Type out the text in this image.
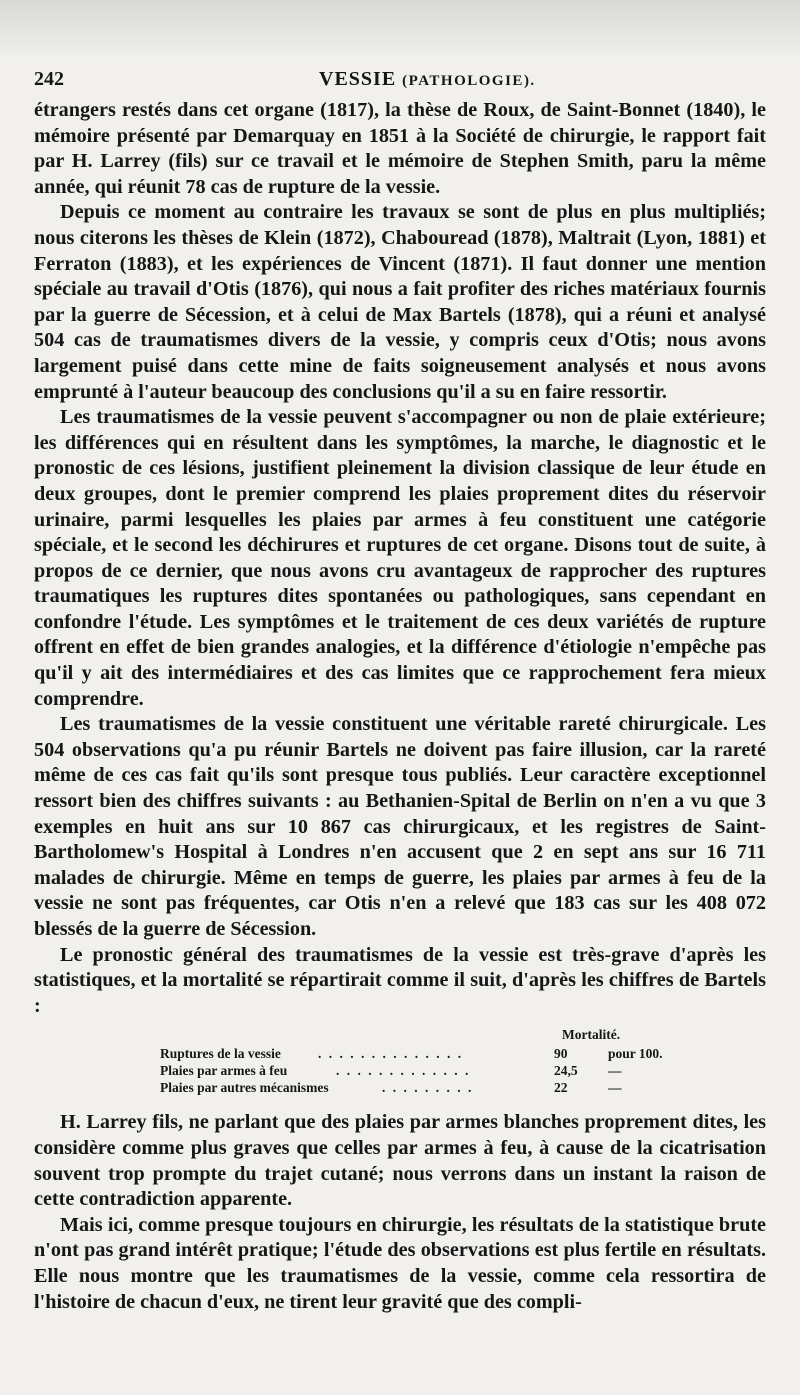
242	VESSIE (PATHOLOGIE).

étrangers restés dans cet organe (1817), la thèse de Roux, de Saint-Bonnet (1840), le mémoire présenté par Demarquay en 1851 à la Société de chirurgie, le rapport fait par H. Larrey (fils) sur ce travail et le mémoire de Stephen Smith, paru la même année, qui réunit 78 cas de rupture de la vessie.

Depuis ce moment au contraire les travaux se sont de plus en plus multipliés; nous citerons les thèses de Klein (1872), Chabouread (1878), Maltrait (Lyon, 1881) et Ferraton (1883), et les expériences de Vincent (1871). Il faut donner une mention spéciale au travail d'Otis (1876), qui nous a fait profiter des riches matériaux fournis par la guerre de Sécession, et à celui de Max Bartels (1878), qui a réuni et analysé 504 cas de traumatismes divers de la vessie, y compris ceux d'Otis; nous avons largement puisé dans cette mine de faits soigneusement analysés et nous avons emprunté à l'auteur beaucoup des conclusions qu'il a su en faire ressortir.

Les traumatismes de la vessie peuvent s'accompagner ou non de plaie extérieure; les différences qui en résultent dans les symptômes, la marche, le diagnostic et le pronostic de ces lésions, justifient pleinement la division classique de leur étude en deux groupes, dont le premier comprend les plaies proprement dites du réservoir urinaire, parmi lesquelles les plaies par armes à feu constituent une catégorie spéciale, et le second les déchirures et ruptures de cet organe. Disons tout de suite, à propos de ce dernier, que nous avons cru avantageux de rapprocher des ruptures traumatiques les ruptures dites spontanées ou pathologiques, sans cependant en confondre l'étude. Les symptômes et le traitement de ces deux variétés de rupture offrent en effet de bien grandes analogies, et la différence d'étiologie n'empêche pas qu'il y ait des intermédiaires et des cas limites que ce rapprochement fera mieux comprendre.

Les traumatismes de la vessie constituent une véritable rareté chirurgicale. Les 504 observations qu'a pu réunir Bartels ne doivent pas faire illusion, car la rareté même de ces cas fait qu'ils sont presque tous publiés. Leur caractère exceptionnel ressort bien des chiffres suivants : au Bethanien-Spital de Berlin on n'en a vu que 3 exemples en huit ans sur 10 867 cas chirurgicaux, et les registres de Saint-Bartholomew's Hospital à Londres n'en accusent que 2 en sept ans sur 16 711 malades de chirurgie. Même en temps de guerre, les plaies par armes à feu de la vessie ne sont pas fréquentes, car Otis n'en a relevé que 183 cas sur les 408 072 blessés de la guerre de Sécession.

Le pronostic général des traumatismes de la vessie est très-grave d'après les statistiques, et la mortalité se répartirait comme il suit, d'après les chiffres de Bartels :

Mortalité.
Ruptures de la vessie	. . . . . . . . . . . . . .	90	pour 100.
Plaies par armes à feu	. . . . . . . . . . . . .	24,5	—
Plaies par autres mécanismes	. . . . . . . . .	22	—

H. Larrey fils, ne parlant que des plaies par armes blanches proprement dites, les considère comme plus graves que celles par armes à feu, à cause de la cicatrisation souvent trop prompte du trajet cutané; nous verrons dans un instant la raison de cette contradiction apparente.

Mais ici, comme presque toujours en chirurgie, les résultats de la statistique brute n'ont pas grand intérêt pratique; l'étude des observations est plus fertile en résultats. Elle nous montre que les traumatismes de la vessie, comme cela ressortira de l'histoire de chacun d'eux, ne tirent leur gravité que des compli-
